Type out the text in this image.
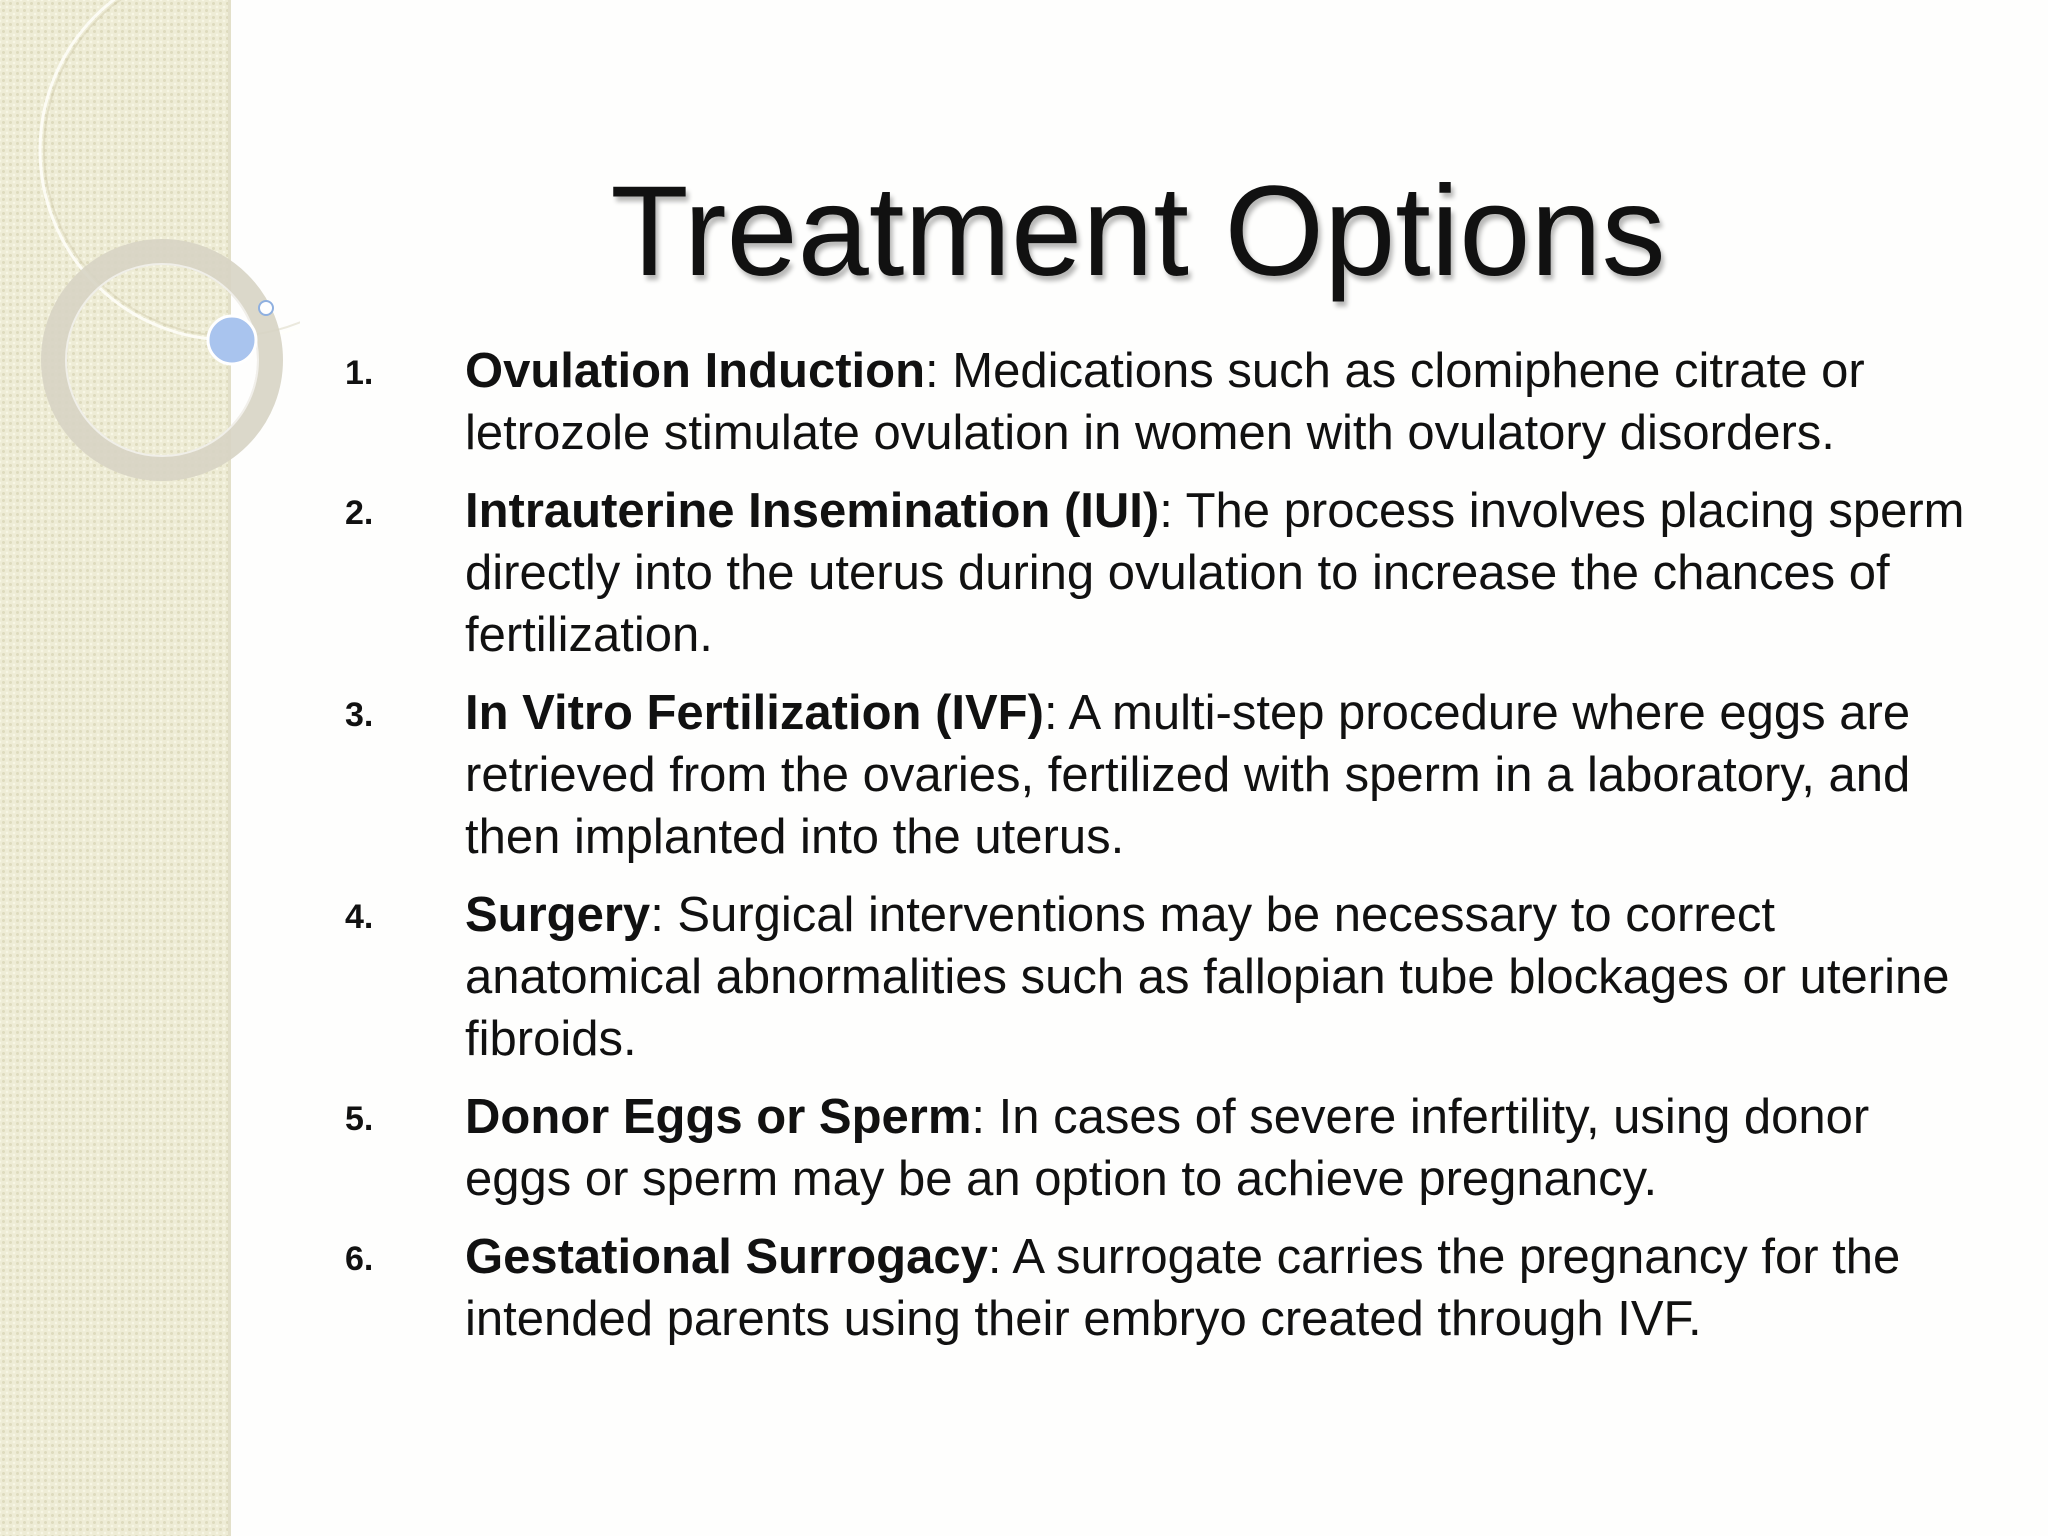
Treatment Options
1. Ovulation Induction: Medications such as clomiphene citrate or letrozole stimulate ovulation in women with ovulatory disorders.
2. Intrauterine Insemination (IUI): The process involves placing sperm directly into the uterus during ovulation to increase the chances of fertilization.
3. In Vitro Fertilization (IVF): A multi-step procedure where eggs are retrieved from the ovaries, fertilized with sperm in a laboratory, and then implanted into the uterus.
4. Surgery: Surgical interventions may be necessary to correct anatomical abnormalities such as fallopian tube blockages or uterine fibroids.
5. Donor Eggs or Sperm: In cases of severe infertility, using donor eggs or sperm may be an option to achieve pregnancy.
6. Gestational Surrogacy: A surrogate carries the pregnancy for the intended parents using their embryo created through IVF.
